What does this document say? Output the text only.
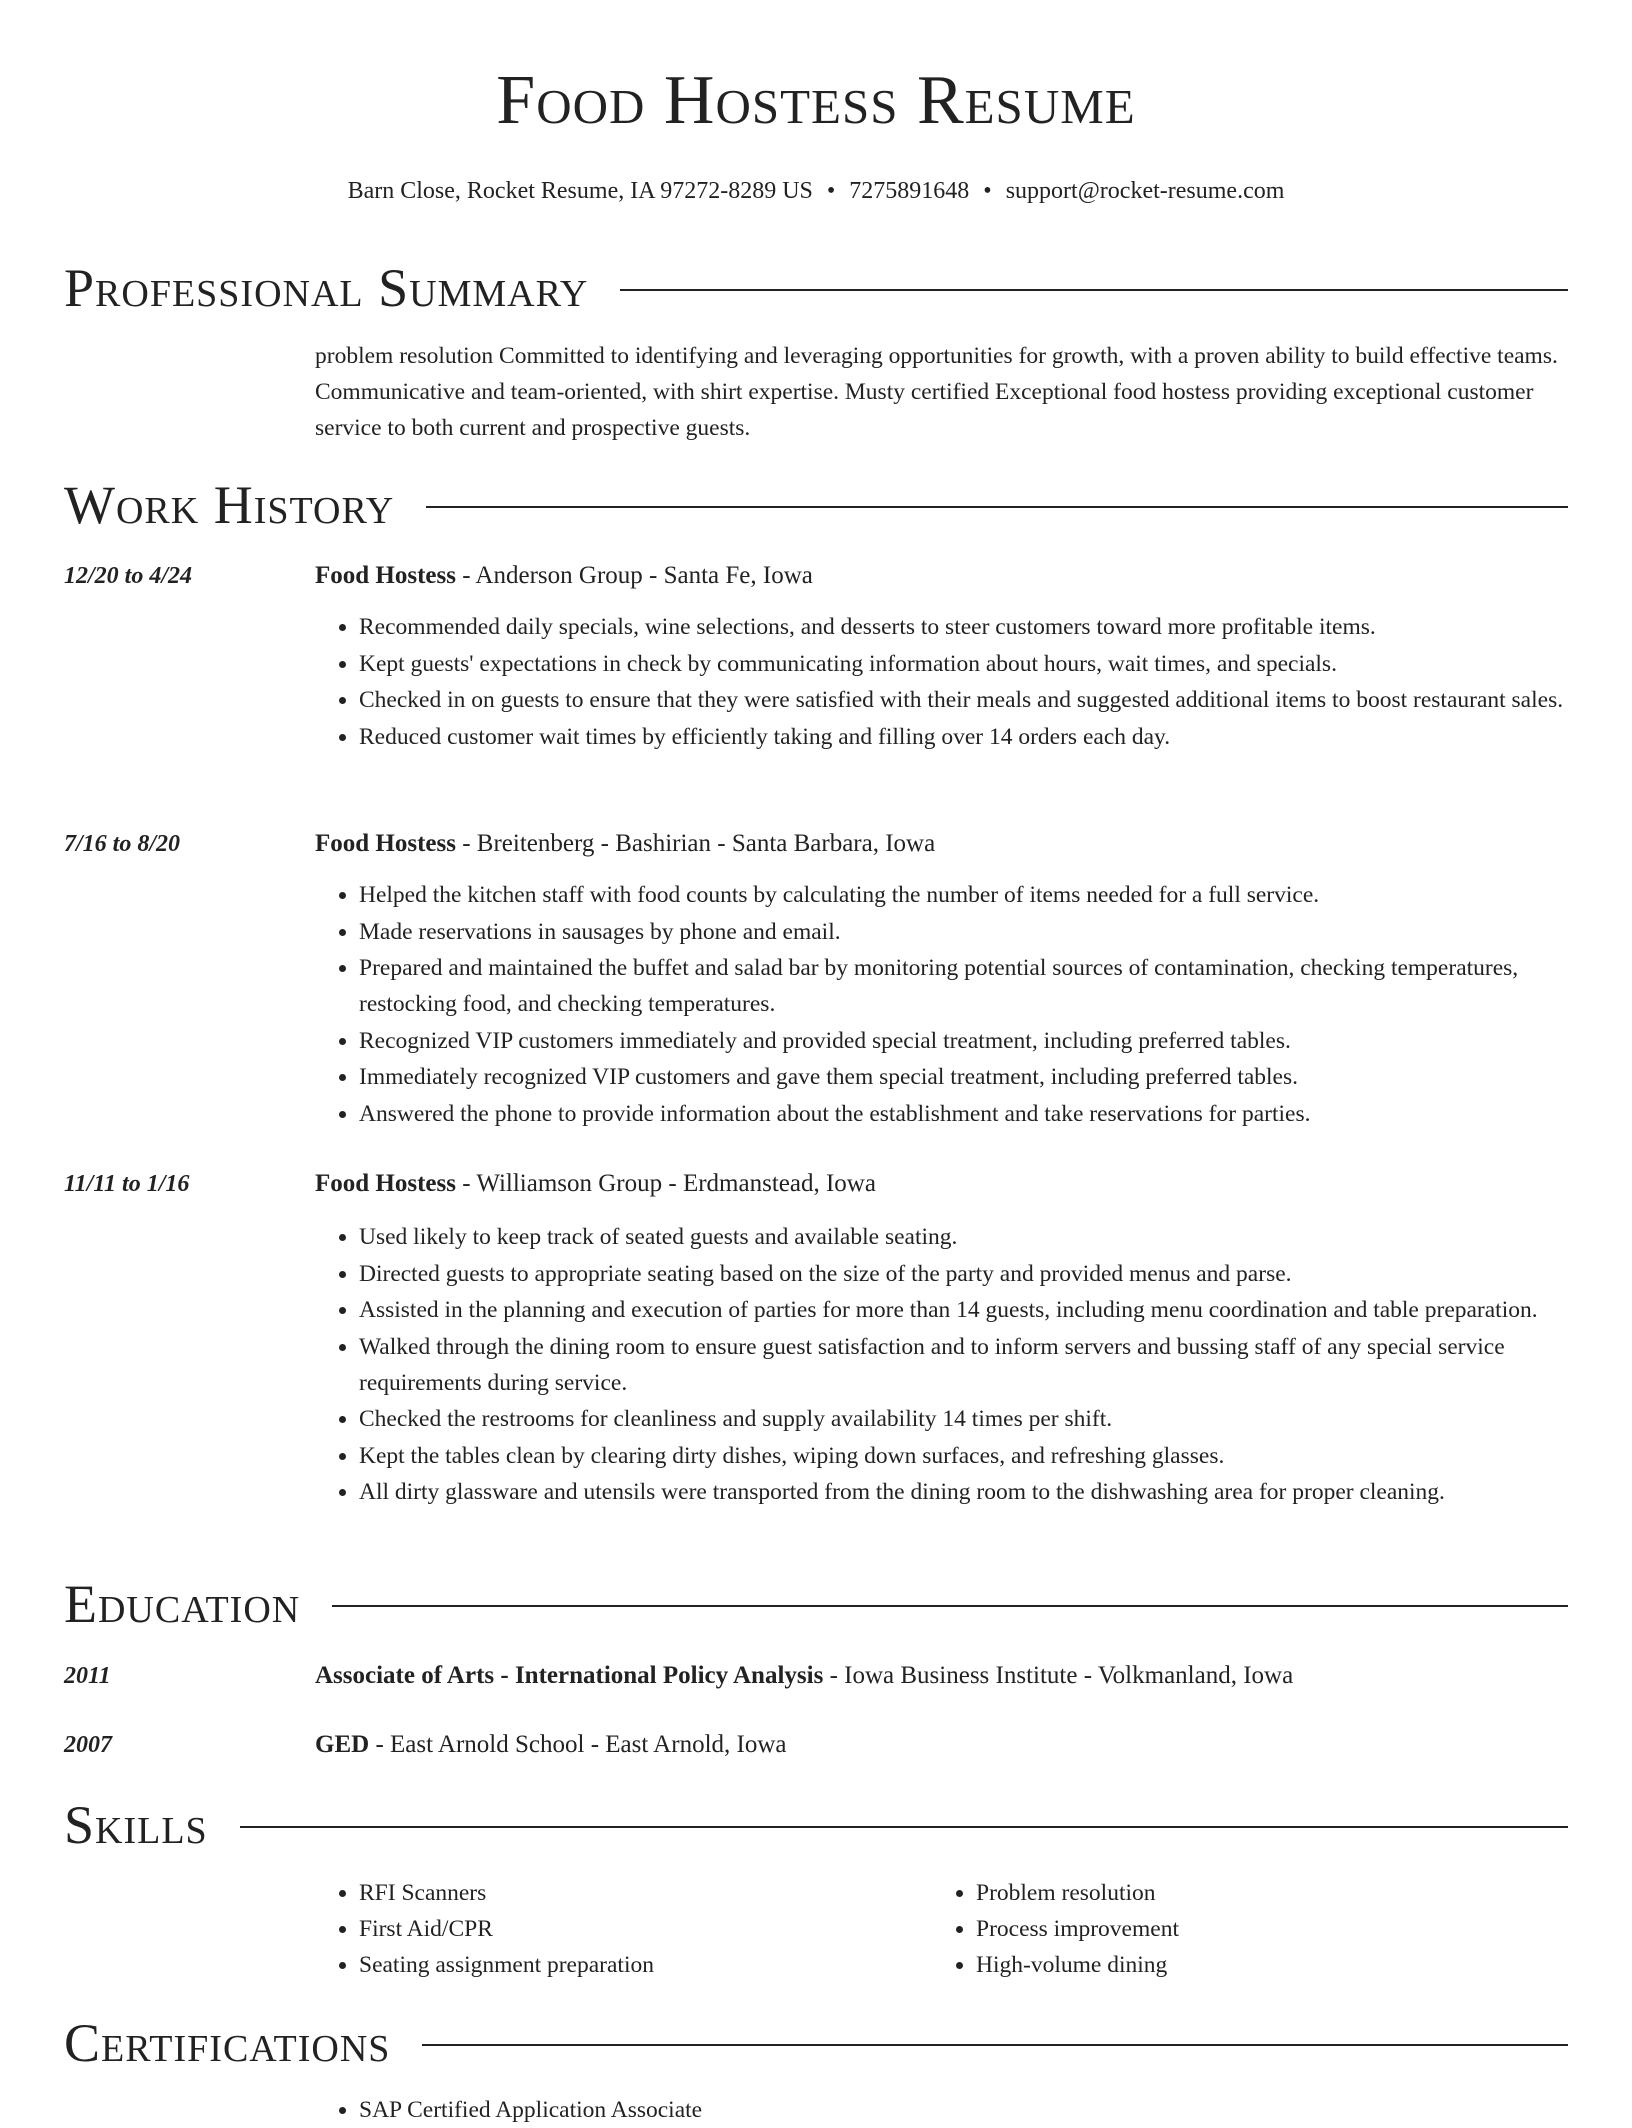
Food Hostess Resume
Barn Close, Rocket Resume, IA 97272-8289 US • 7275891648 • support@rocket-resume.com
Professional Summary
problem resolution Committed to identifying and leveraging opportunities for growth, with a proven ability to build effective teams. Communicative and team-oriented, with shirt expertise. Musty certified Exceptional food hostess providing exceptional customer service to both current and prospective guests.
Work History
12/20 to 4/24	Food Hostess - Anderson Group - Santa Fe, Iowa
• Recommended daily specials, wine selections, and desserts to steer customers toward more profitable items.
• Kept guests' expectations in check by communicating information about hours, wait times, and specials.
• Checked in on guests to ensure that they were satisfied with their meals and suggested additional items to boost restaurant sales.
• Reduced customer wait times by efficiently taking and filling over 14 orders each day.
7/16 to 8/20	Food Hostess - Breitenberg - Bashirian - Santa Barbara, Iowa
• Helped the kitchen staff with food counts by calculating the number of items needed for a full service.
• Made reservations in sausages by phone and email.
• Prepared and maintained the buffet and salad bar by monitoring potential sources of contamination, checking temperatures, restocking food, and checking temperatures.
• Recognized VIP customers immediately and provided special treatment, including preferred tables.
• Immediately recognized VIP customers and gave them special treatment, including preferred tables.
• Answered the phone to provide information about the establishment and take reservations for parties.
11/11 to 1/16	Food Hostess - Williamson Group - Erdmanstead, Iowa
• Used likely to keep track of seated guests and available seating.
• Directed guests to appropriate seating based on the size of the party and provided menus and parse.
• Assisted in the planning and execution of parties for more than 14 guests, including menu coordination and table preparation.
• Walked through the dining room to ensure guest satisfaction and to inform servers and bussing staff of any special service requirements during service.
• Checked the restrooms for cleanliness and supply availability 14 times per shift.
• Kept the tables clean by clearing dirty dishes, wiping down surfaces, and refreshing glasses.
• All dirty glassware and utensils were transported from the dining room to the dishwashing area for proper cleaning.
Education
2011	Associate of Arts - International Policy Analysis - Iowa Business Institute - Volkmanland, Iowa
2007	GED - East Arnold School - East Arnold, Iowa
Skills
• RFI Scanners
• First Aid/CPR
• Seating assignment preparation
• Problem resolution
• Process improvement
• High-volume dining
Certifications
• SAP Certified Application Associate
